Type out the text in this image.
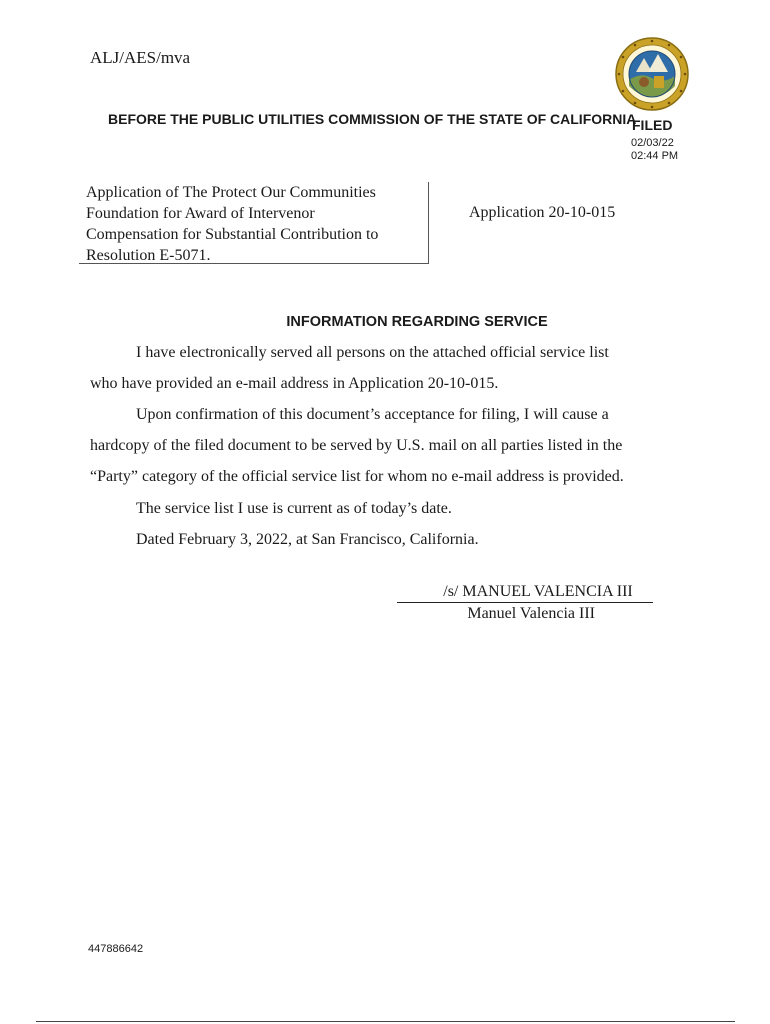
ALJ/AES/mva
BEFORE THE PUBLIC UTILITIES COMMISSION OF THE STATE OF CALIFORNIA
FILED
02/03/22
02:44 PM
Application of The Protect Our Communities
Foundation for Award of Intervenor
Compensation for Substantial Contribution to
Resolution E-5071.
Application 20-10-015
INFORMATION REGARDING SERVICE
I have electronically served all persons on the attached official service list
who have provided an e-mail address in Application 20-10-015.
Upon confirmation of this document’s acceptance for filing, I will cause a
hardcopy of the filed document to be served by U.S. mail on all parties listed in the
“Party” category of the official service list for whom no e-mail address is provided.
The service list I use is current as of today’s date.
Dated February 3, 2022, at San Francisco, California.
/s/ MANUEL VALENCIA III
Manuel Valencia III
447886642
